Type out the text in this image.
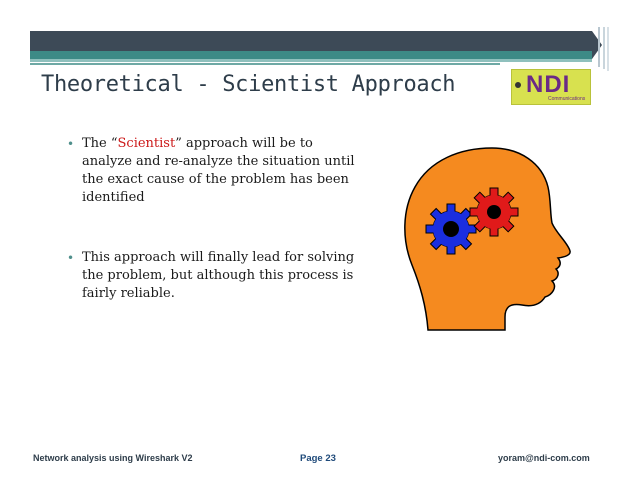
Theoretical - Scientist Approach	NDI
Communications
• The “Scientist” approach will be to analyze and re-analyze the situation until the exact cause of the problem has been identified
• This approach will finally lead for solving the problem, but although this process is fairly reliable.
Network analysis using Wireshark V2	Page 23	yoram@ndi-com.com
